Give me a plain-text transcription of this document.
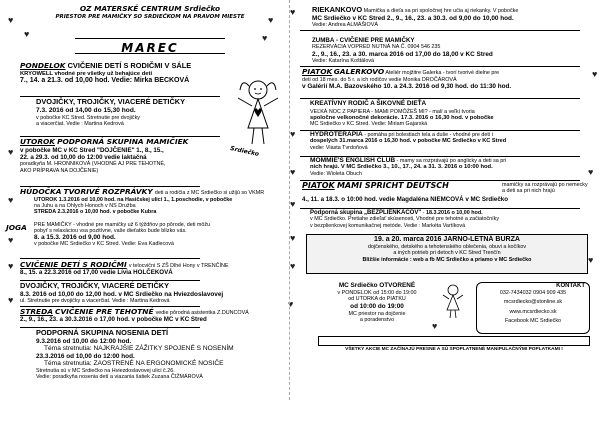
♥
♥
♥
♥
♥
♥
♥
♥
♥
♥
♥
♥
♥
♥
♥
♥
♥
♥
♥
♥
OZ MATERSKÉ CENTRUM Srdiečko
PRIESTOR PRE MAMIČKY SO SRDIEČKOM NA PRAVOM MIESTE
MAREC
Srdiečko
PONDELOK CVIČENIE DETÍ S RODIČMI V SÁLE
KRYOWELL vhodné pre všetky už behajúce deti
7., 14. a 21.3. od 10,00 hod. Vedie: Mirka BECKOVÁ
DVOJIČKY, TROJIČKY, VIACERÉ DETIČKY
7.3. 2016 od 14,00 do 15,30 hod.
v pobočke KC Stred. Stretnutie pre dvojičky
a viacerčiat. Vedie : Martina Kedrová
UTOROK PODPORNÁ SKUPINA MAMIČIEK
v pobočke MC v KC Stred "DOJČENIE" 1., 8., 15.,
22. a 29.3. od 10,00 do 12:00 vedie laktačná
poradkyňa M. HRONNIKOVÁ (VHODNÉ AJ PRE TEHOTNÉ,
AKO PRÍPRAVA NA DOJČENIE)
HÚDOČKA TVORIVÉ ROZPRÁVKY deti a rodičia z MC Srdiečko si užijú so VKMR
UTOROK 1.3.2016 od 10,00 hod. na Hasičskej ulici 1., 1.poschodie, v pobočke
na Juhu a na Ohlych Honoch v NS Družba
STREDA 2.3.2016 o 10,00 hod. v pobočke Kubra
JOGA PRE MAMIČKY - vhodné pre mamičky už 6 týždňov po pôrode, deti môžu
pobyť s relaxáciou vsa pozitívne, vaše dieťatko bude blízko vás.
8. a 15.3. 2016 od 9,00 hod.
v pobočke MC Srdiečko v KC Stred. Vedie: Eva Kadlecová
CVIČENIE DETÍ S RODIČMI v telocvični S ZŠ Dlhé Hony v TRENČÍNE
8., 15. a 22.3.2016 od 17,00 vedie Lívia HOLČEKOVÁ
DVOJIČKY, TROJIČKY, VIACERÉ DETIČKY
8.3. 2016 od 10,00 do 12,00 hod. v MC Srdiečko na Hviezdoslavovej
ul. Stretnutie pre dvojičky a viacerčiat. Vedie : Martina Kedrová
STREDA CVIČENIE PRE TEHOTNÉ vedie pôrodná asistentka Z.DUNCOVÁ
2., 9., 16., 23. a 30.3.2016 o 17,00 hod. v pobočke MC v KC Stred
PODPORNÁ SKUPINA NOSENIA DETÍ
9.3.2016 od 10,00 do 12:00 hod.
Téma stretnutia: NAJKRAJŠIE ZÁŽITKY SPOJENÉ S NOSENÍM
23.3.2016 od 10,00 do 12:00 hod.
Téma stretnutia: ZAOSTRENÉ NA ERGONOMICKÉ NOSIČE
Stretnutia sú v MC Srdiečko na Hviezdoslavovej ulici č.26.
Vedie: poradkyňa nosenia detí a viazania šatiek Zuzana ČIŽMÁROVÁ
RIEKANKOVO Mamička a dieťa sa pri spoločnej hre učia aj riekanky. V pobočke
MC Srdiečko v KC Stred 2., 9., 16., 23. a 30.3. od 9,00 do 10,00 hod.
Vedie: Andrea ALMÁŠIOVÁ
ZUMBA - CVIČENIE PRE MAMIČKY
REZERVÁCIA VOPRED NUTNÁ NA Č. 0904 546 235
2., 9., 16., 23. a 30. marca 2016 od 17,00 do 18,00 v KC Stred
Vedie: Katarína Koštálová
PIATOK GALERKOVO Ateliér mojžitre Galerka - tvorí tvorivé dielne pre
deti od 18 mes. do 5 r. a ich rodičov vedie Monika DROČÁROVÁ
v Galérií M.A. Bazovského 10. a 24.3. 2016 od 9,30 hod. do 11:30 hod.
KREATÍVNY RODIČ A ŠIKOVNÉ DIEŤA
VEĽKÁ NOC Z PAPIERA - MAMI POMÔŽEŠ MI? - malí a veľkí tvoria
spoločne velkonočné dekorácie. 17.3. 2016 o 16,30 hod. v pobočke
MC Srdiečko v KC Stred. Vedie: Miriam Gajarská
HYDROTERAPIA - pomáha pri bolestiach tela a duše - vhodné pre deti i
dospelých 31.marca 2016 o 16,30 hod. v pobočke MC Srdiečko v KC Stred
vedie: Viasta Tvrdoňová
MOMMIE'S ENGLISH CLUB - mamy sa rozprávajú po anglicky a deti sa pri
nich hrajú. V MC Srdiečko 3., 10., 17., 24. a 31. 3. 2016 o 10:00 hod.
Vedie: Wioleta Obuch
PIATOK MAMI SPRICHT DEUTSCH	mamičky sa rozprávajú po nemecky a deti sa pri nich hrajú
4., 11. a 18.3. o 10:00 hod. vedie Magdaléna NIEMCOVÁ v MC Srdiečko
Podporná skupina „BEZPLIENKÁČOV" - 18.3.2016 o 10,00 hod.
v MC Srdiečko. Pretiahe zdieľať skúsenosti, Vhodné pre tehotné a začiatočníky
v bezplienkovej komunikačnej metóde. Vedie : Markéta Vartíková
19. a 20. marca 2016 JARNO-LETNÁ BURZA
dojčenského, detského a tehotenského oblečenia, obuvi a kočíkov
a iných potrieb pri detoch v KC Stred Trenčín
Bližšie informácie : web a fb MC Srdiečko a priamo v MC Srdiečko
MC Srdiečko OTVORENÉ
v PONDELOK od 15:00 do 19:00
od UTORKA do PIATKU
od 10:00 do 19:00
MC priestor na dojčenie
a poradenstvo
KONTAKT
032-7434032 0904 909 435
mcsrdiecko@stonline.sk
www.mcsrdiecko.sk
Facebook MC Srdiečko
VŠETKY AKCIE MC ZAČÍNAJÚ PRESNE A SÚ SPOPLATNENÉ MANIPULAČNÝMI POPLATKAMI !
